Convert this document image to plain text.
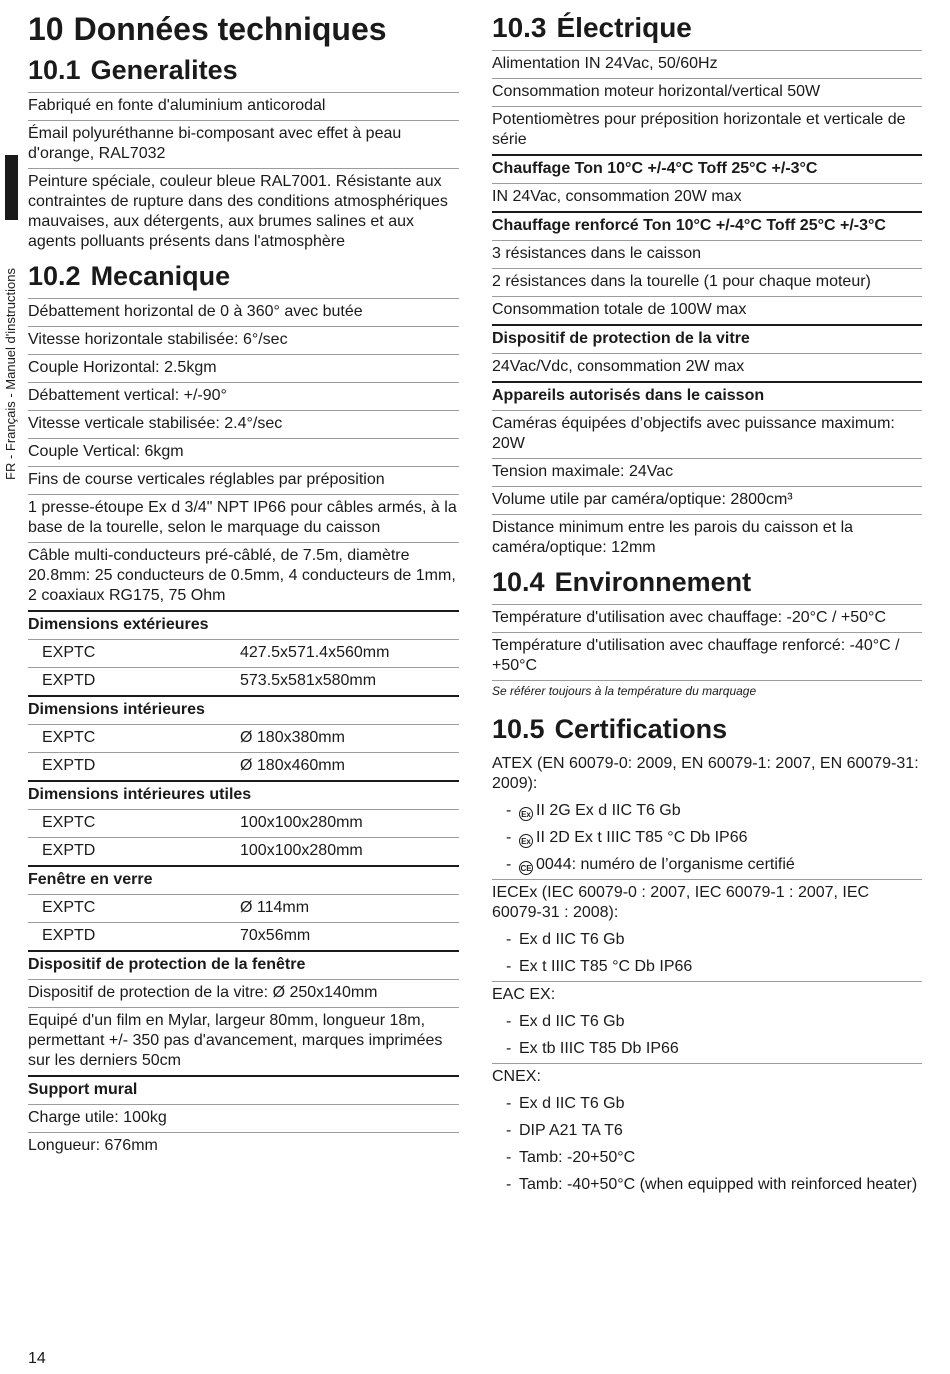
FR - Français - Manuel d'instructions
10 Données techniques
10.1 Generalites
Fabriqué en fonte d'aluminium anticorodal
Émail polyuréthanne bi-composant avec effet à peau d'orange, RAL7032
Peinture spéciale, couleur bleue RAL7001. Résistante aux contraintes de rupture dans des conditions atmosphériques mauvaises, aux détergents, aux brumes salines et aux agents polluants présents dans l'atmosphère
10.2 Mecanique
Débattement horizontal de 0 à 360° avec butée
Vitesse horizontale stabilisée: 6°/sec
Couple Horizontal: 2.5kgm
Débattement vertical: +/-90°
Vitesse verticale stabilisée: 2.4°/sec
Couple Vertical: 6kgm
Fins de course verticales réglables par préposition
1 presse-étoupe Ex d 3/4" NPT IP66 pour câbles armés, à la base de la tourelle, selon le marquage du caisson
Câble multi-conducteurs pré-câblé, de 7.5m, diamètre 20.8mm: 25 conducteurs de 0.5mm, 4 conducteurs de 1mm, 2 coaxiaux RG175, 75 Ohm
Dimensions extérieures
EXPTC	427.5x571.4x560mm
EXPTD	573.5x581x580mm
Dimensions intérieures
EXPTC	Ø 180x380mm
EXPTD	Ø 180x460mm
Dimensions intérieures utiles
EXPTC	100x100x280mm
EXPTD	100x100x280mm
Fenêtre en verre
EXPTC	Ø 114mm
EXPTD	70x56mm
Dispositif de protection de la fenêtre
Dispositif de protection de la vitre: Ø 250x140mm
Equipé d'un film en Mylar, largeur 80mm, longueur 18m, permettant +/- 350 pas d'avancement, marques imprimées sur les derniers 50cm
Support mural
Charge utile: 100kg
Longueur: 676mm
10.3 Électrique
Alimentation IN 24Vac, 50/60Hz
Consommation moteur horizontal/vertical 50W
Potentiomètres pour préposition horizontale et verticale de série
Chauffage Ton 10°C +/-4°C Toff 25°C +/-3°C
IN 24Vac, consommation 20W max
Chauffage renforcé Ton 10°C +/-4°C Toff 25°C +/-3°C
3 résistances dans le caisson
2 résistances dans la tourelle (1 pour chaque moteur)
Consommation totale de 100W max
Dispositif de protection de la vitre
24Vac/Vdc, consommation 2W max
Appareils autorisés dans le caisson
Caméras équipées d’objectifs avec puissance maximum: 20W
Tension maximale: 24Vac
Volume utile par caméra/optique: 2800cm³
Distance minimum entre les parois du caisson et la caméra/optique: 12mm
10.4 Environnement
Température d'utilisation avec chauffage: -20°C / +50°C
Température d'utilisation avec chauffage renforcé: -40°C / +50°C
Se référer toujours à la température du marquage
10.5 Certifications
ATEX (EN 60079-0: 2009, EN 60079-1: 2007, EN 60079-31: 2009):
-	Ex II 2G Ex d IIC T6 Gb
-	Ex II 2D Ex t IIIC T85 °C Db IP66
-	CE 0044: numéro de l’organisme certifié
IECEx (IEC 60079-0 : 2007, IEC 60079-1 : 2007, IEC 60079-31 : 2008):
- Ex d IIC T6 Gb
- Ex t IIIC T85 °C Db IP66
EAC EX:
- Ex d IIC T6 Gb
- Ex tb IIIC T85 Db IP66
CNEX:
- Ex d IIC T6 Gb
- DIP A21 TA T6
- Tamb: -20+50°C
- Tamb: -40+50°C (when equipped with reinforced heater)
14
